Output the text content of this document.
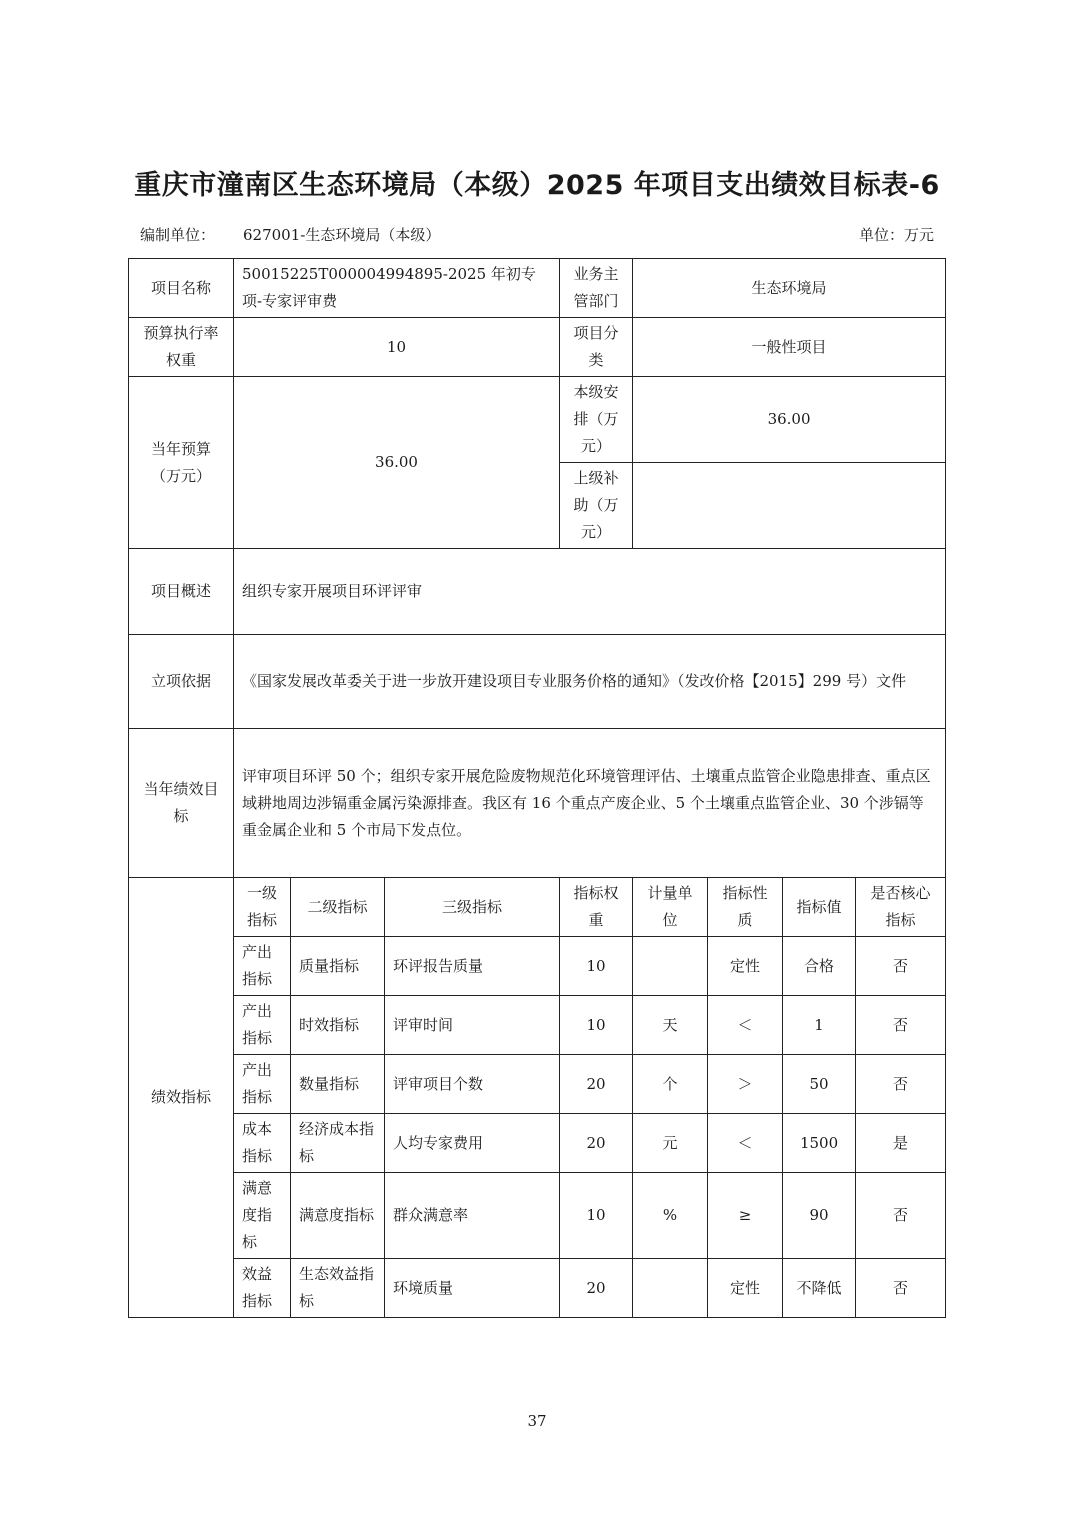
重庆市潼南区生态环境局（本级）2025 年项目支出绩效目标表-6
编制单位： 627001-生态环境局（本级）	单位：万元
项目名称	50015225T000004994895-2025 年初专项-专家评审费			业务主管部门	生态环境局			
预算执行率权重	10			项目分类	一般性项目			
当年预算（万元）	36.00			本级安排（万元）	36.00			
				上级补助（万元）				
项目概述	组织专家开展项目环评评审							
立项依据	《国家发展改革委关于进一步放开建设项目专业服务价格的通知》（发改价格【2015】299 号）文件							
当年绩效目标	评审项目环评 50 个；组织专家开展危险废物规范化环境管理评估、土壤重点监管企业隐患排查、重点区域耕地周边涉镉重金属污染源排查。我区有 16 个重点产废企业、5 个土壤重点监管企业、30 个涉镉等重金属企业和 5 个市局下发点位。							
绩效指标	一级指标	二级指标	三级指标	指标权重	计量单位	指标性质	指标值	是否核心指标
	产出指标	质量指标	环评报告质量	10		定性	合格	否
	产出指标	时效指标	评审时间	10	天	＜	1	否
	产出指标	数量指标	评审项目个数	20	个	＞	50	否
	成本指标	经济成本指标	人均专家费用	20	元	＜	1500	是
	满意度指标	满意度指标	群众满意率	10	%	≥	90	否
	效益指标	生态效益指标	环境质量	20		定性	不降低	否
37
